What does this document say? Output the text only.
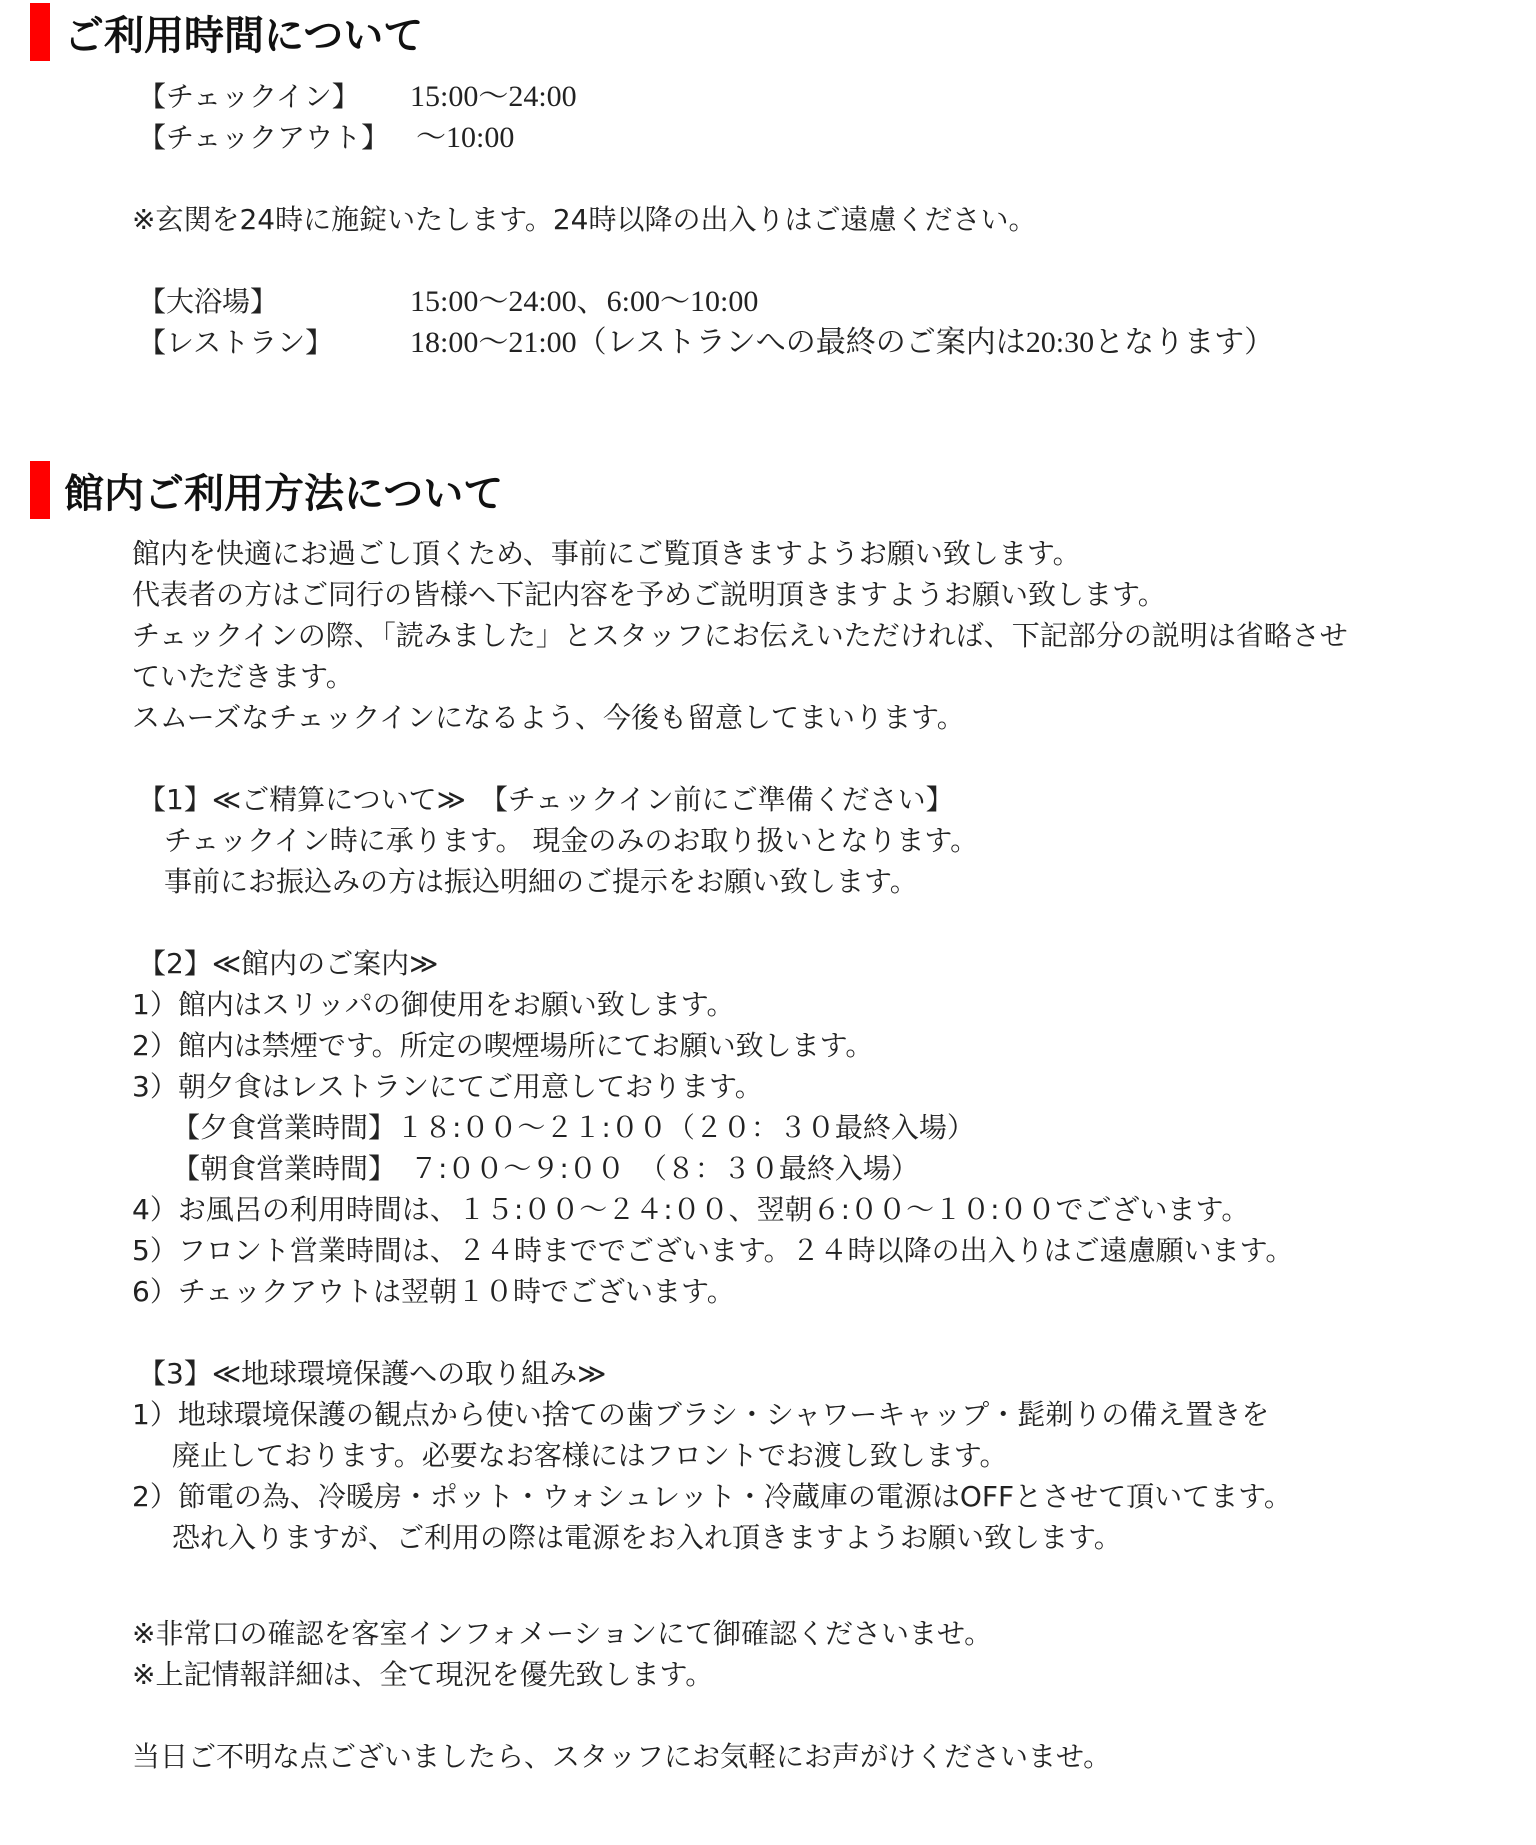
ご利用時間について
【チェックイン】 15:00〜24:00
【チェックアウト】 〜10:00
※玄関を24時に施錠いたします。24時以降の出入りはご遠慮ください。
【大浴場】	15:00〜24:00、6:00〜10:00
【レストラン】	18:00〜21:00（レストランへの最終のご案内は20:30となります）
館内ご利用方法について
館内を快適にお過ごし頂くため、事前にご覧頂きますようお願い致します。
代表者の方はご同行の皆様へ下記内容を予めご説明頂きますようお願い致します。
チェックインの際、「読みました」とスタッフにお伝えいただければ、下記部分の説明は省略させ
ていただきます。
スムーズなチェックインになるよう、今後も留意してまいります。
【1】≪ご精算について≫　【チェックイン前にご準備ください】
チェックイン時に承ります。 現金のみのお取り扱いとなります。
事前にお振込みの方は振込明細のご提示をお願い致します。
【2】≪館内のご案内≫
1）館内はスリッパの御使用をお願い致します。
2）館内は禁煙です。所定の喫煙場所にてお願い致します。
3）朝夕食はレストランにてご用意しております。
【夕食営業時間】１８:００〜２１:００（２０：３０最終入場）
【朝食営業時間】　７:００〜９:００　（８：３０最終入場）
4）お風呂の利用時間は、１５:００〜２４:００、翌朝６:００〜１０:００でございます。
5）フロント営業時間は、２４時まででございます。２４時以降の出入りはご遠慮願います。
6）チェックアウトは翌朝１０時でございます。
【3】≪地球環境保護への取り組み≫
1）地球環境保護の観点から使い捨ての歯ブラシ・シャワーキャップ・髭剃りの備え置きを
廃止しております。必要なお客様にはフロントでお渡し致します。
2）節電の為、冷暖房・ポット・ウォシュレット・冷蔵庫の電源はOFFとさせて頂いてます。
恐れ入りますが、ご利用の際は電源をお入れ頂きますようお願い致します。
※非常口の確認を客室インフォメーションにて御確認くださいませ。
※上記情報詳細は、全て現況を優先致します。
当日ご不明な点ございましたら、スタッフにお気軽にお声がけくださいませ。
